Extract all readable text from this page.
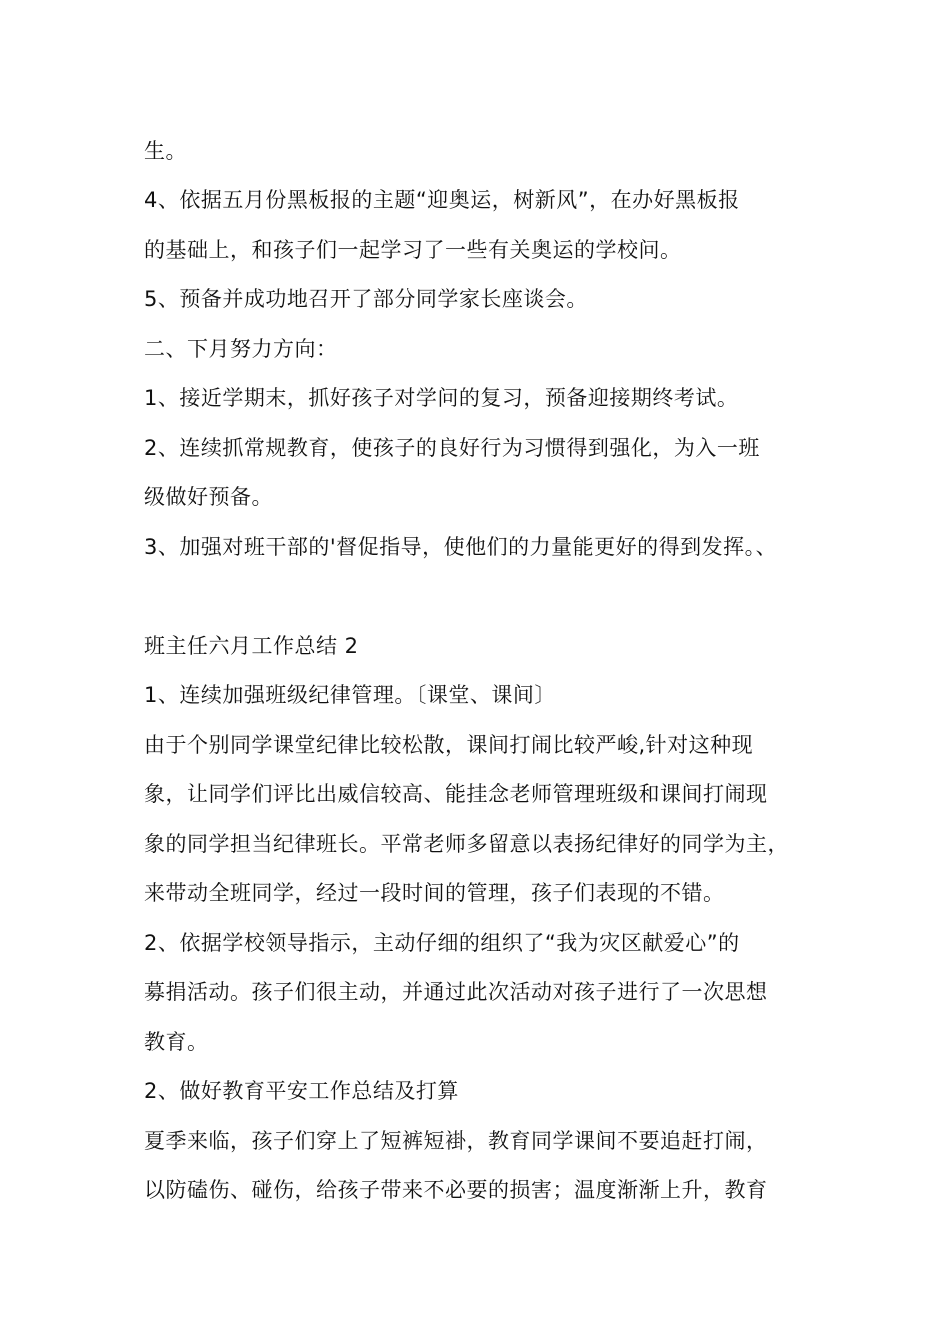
生。

4、依据五月份黑板报的主题“迎奥运，树新风”，在办好黑板报

的基础上，和孩子们一起学习了一些有关奥运的学校问。

5、预备并成功地召开了部分同学家长座谈会。

二、下月努力方向：

1、接近学期末，抓好孩子对学问的复习，预备迎接期终考试。

2、连续抓常规教育，使孩子的良好行为习惯得到强化，为入一班

级做好预备。

3、加强对班干部的'督促指导，使他们的力量能更好的得到发挥。、

班主任六月工作总结 2

1、连续加强班级纪律管理。〔课堂、课间〕

由于个别同学课堂纪律比较松散，课间打闹比较严峻,针对这种现

象，让同学们评比出威信较高、能挂念老师管理班级和课间打闹现

象的同学担当纪律班长。平常老师多留意以表扬纪律好的同学为主，

来带动全班同学，经过一段时间的管理，孩子们表现的不错。

2、依据学校领导指示，主动仔细的组织了“我为灾区献爱心”的

募捐活动。孩子们很主动，并通过此次活动对孩子进行了一次思想

教育。

2、做好教育平安工作总结及打算

夏季来临，孩子们穿上了短裤短褂，教育同学课间不要追赶打闹，

以防磕伤、碰伤，给孩子带来不必要的损害；温度渐渐上升，教育
